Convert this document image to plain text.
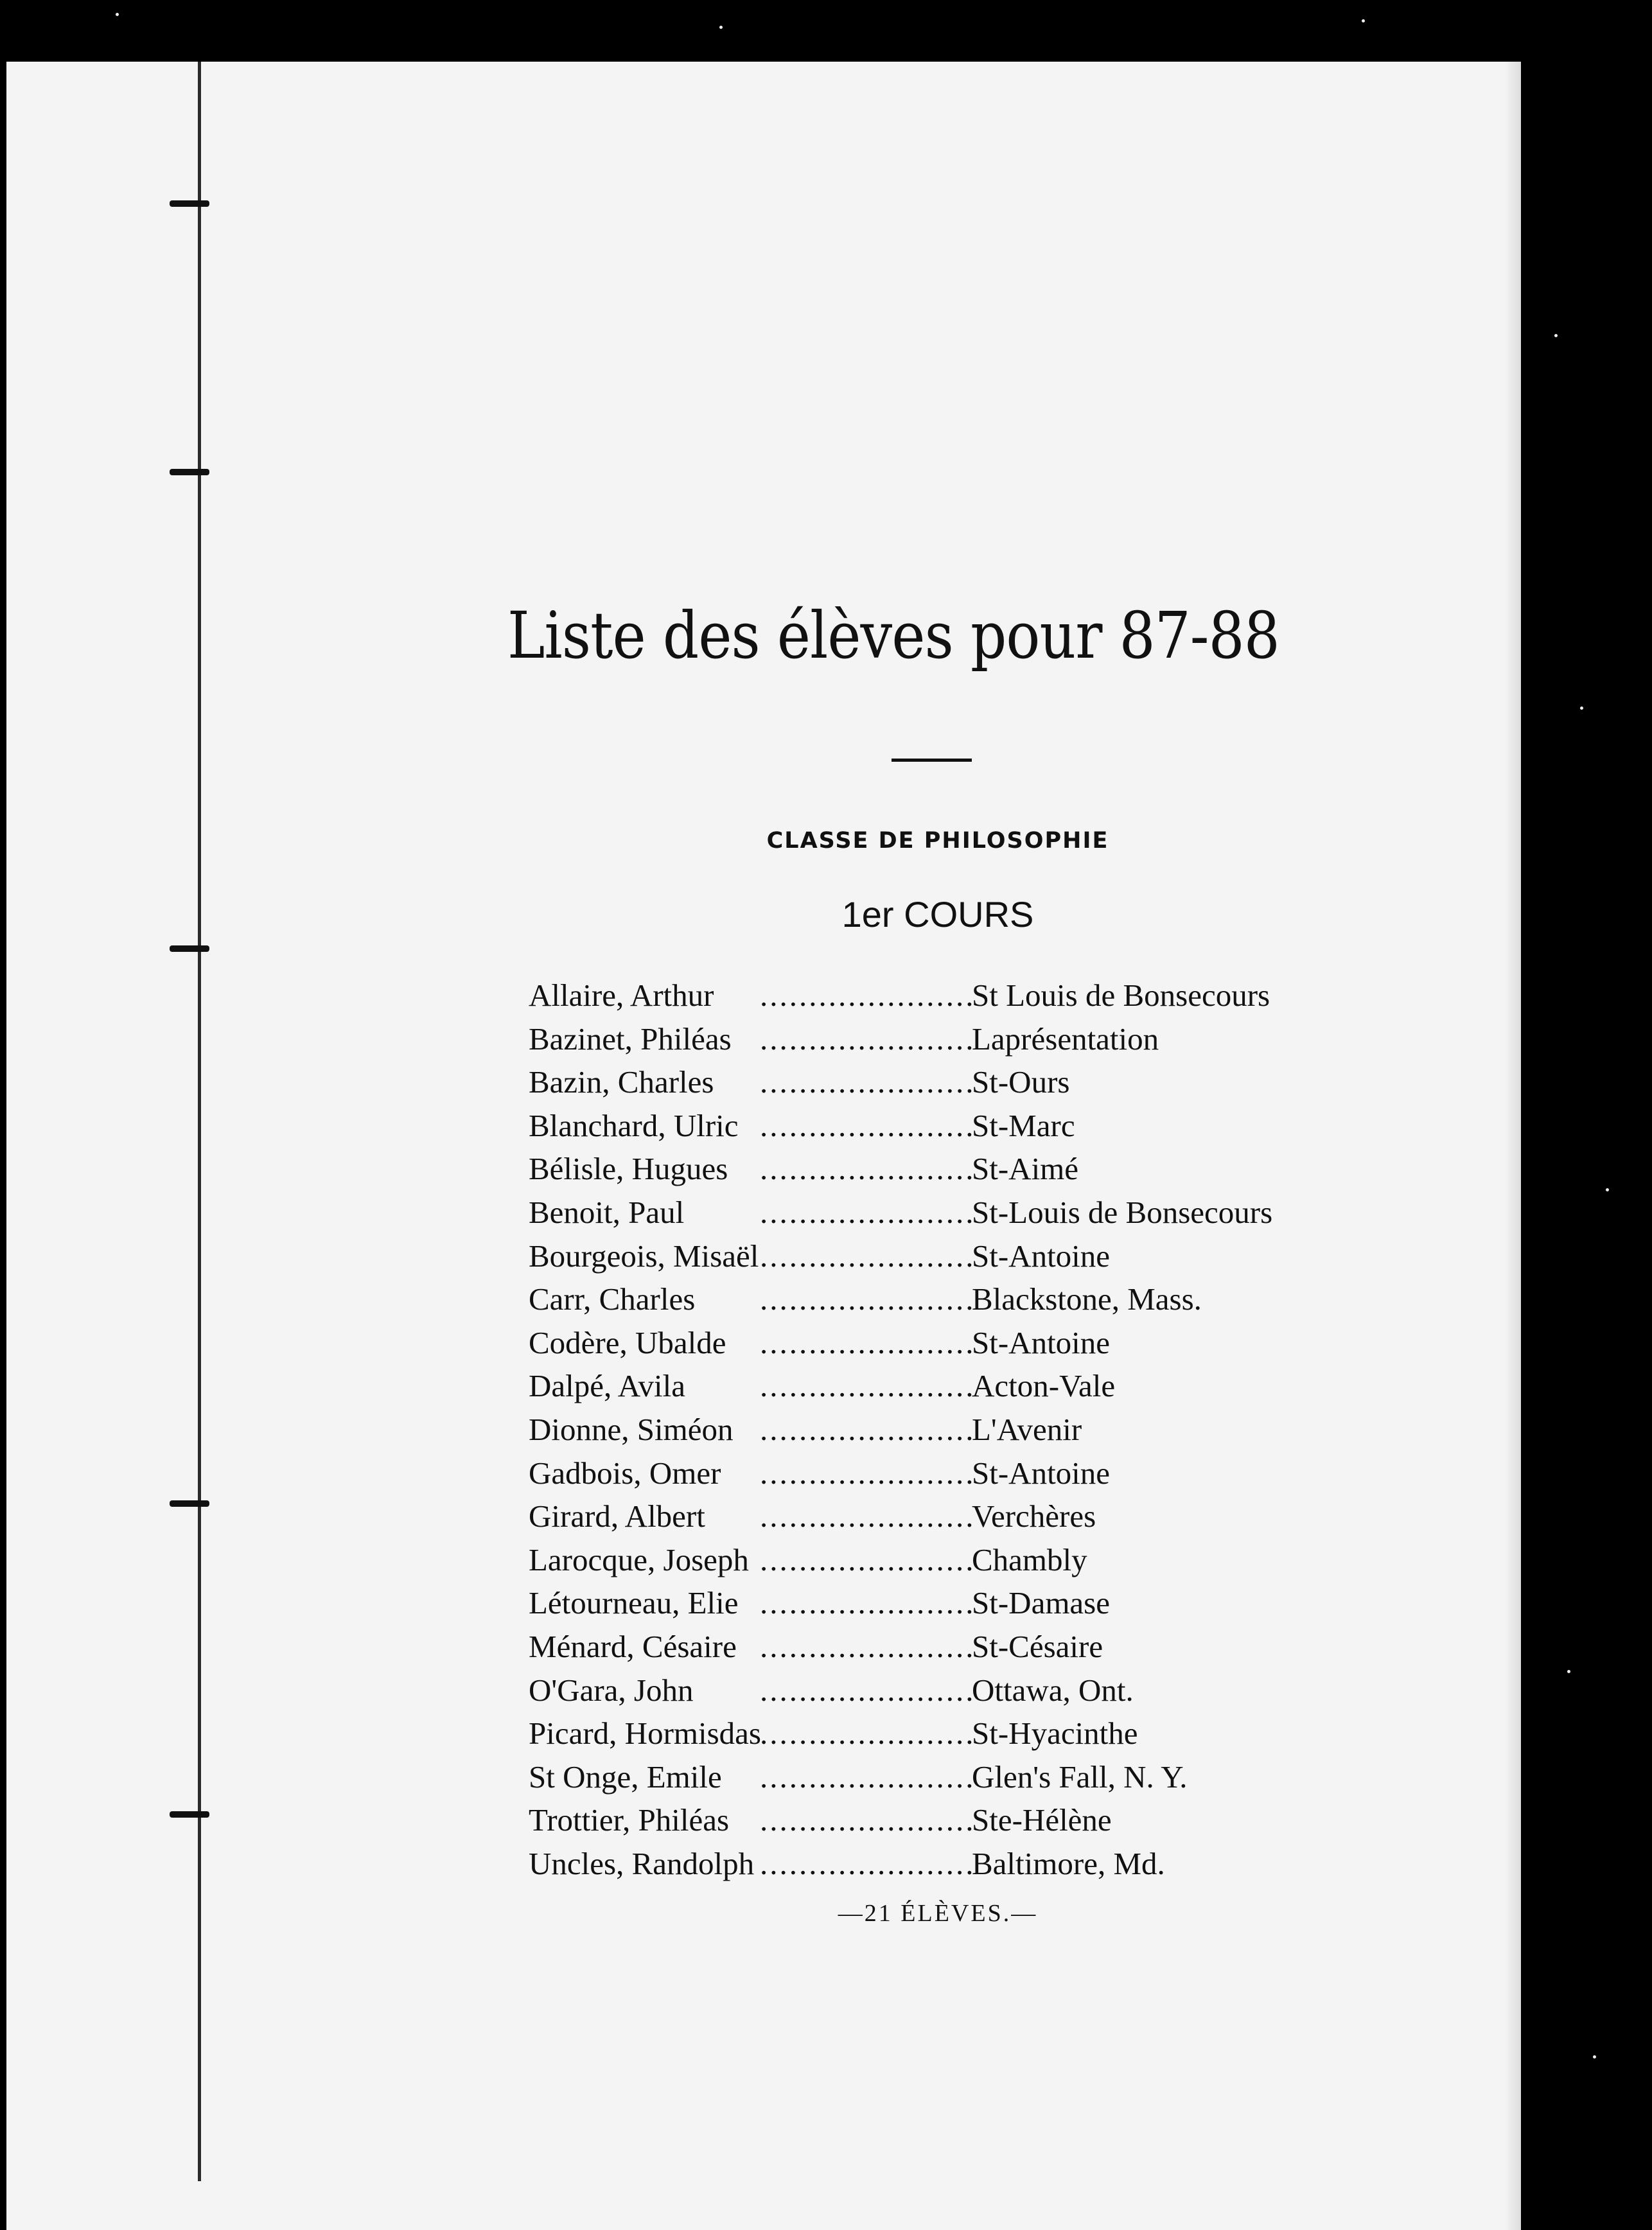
Liste des élèves pour 87-88
CLASSE DE PHILOSOPHIE
1er COURS
Allaire, Arthur .....	St Louis de Bonsecours
Bazinet, Philéas .....	Laprésentation
Bazin, Charles .....	St-Ours
Blanchard, Ulric .....	St-Marc
Bélisle, Hugues .....	St-Aimé
Benoit, Paul .....	St-Louis de Bonsecours
Bourgeois, Misaël .....	St-Antoine
Carr, Charles .....	Blackstone, Mass.
Codère, Ubalde .....	St-Antoine
Dalpé, Avila .....	Acton-Vale
Dionne, Siméon .....	L'Avenir
Gadbois, Omer .....	St-Antoine
Girard, Albert .....	Verchères
Larocque, Joseph .....	Chambly
Létourneau, Elie .....	St-Damase
Ménard, Césaire .....	St-Césaire
O'Gara, John .....	Ottawa, Ont.
Picard, Hormisdas .....	St-Hyacinthe
St Onge, Emile .....	Glen's Fall, N. Y.
Trottier, Philéas .....	Ste-Hélène
Uncles, Randolph .....	Baltimore, Md.
—21 ÉLÈVES.—
